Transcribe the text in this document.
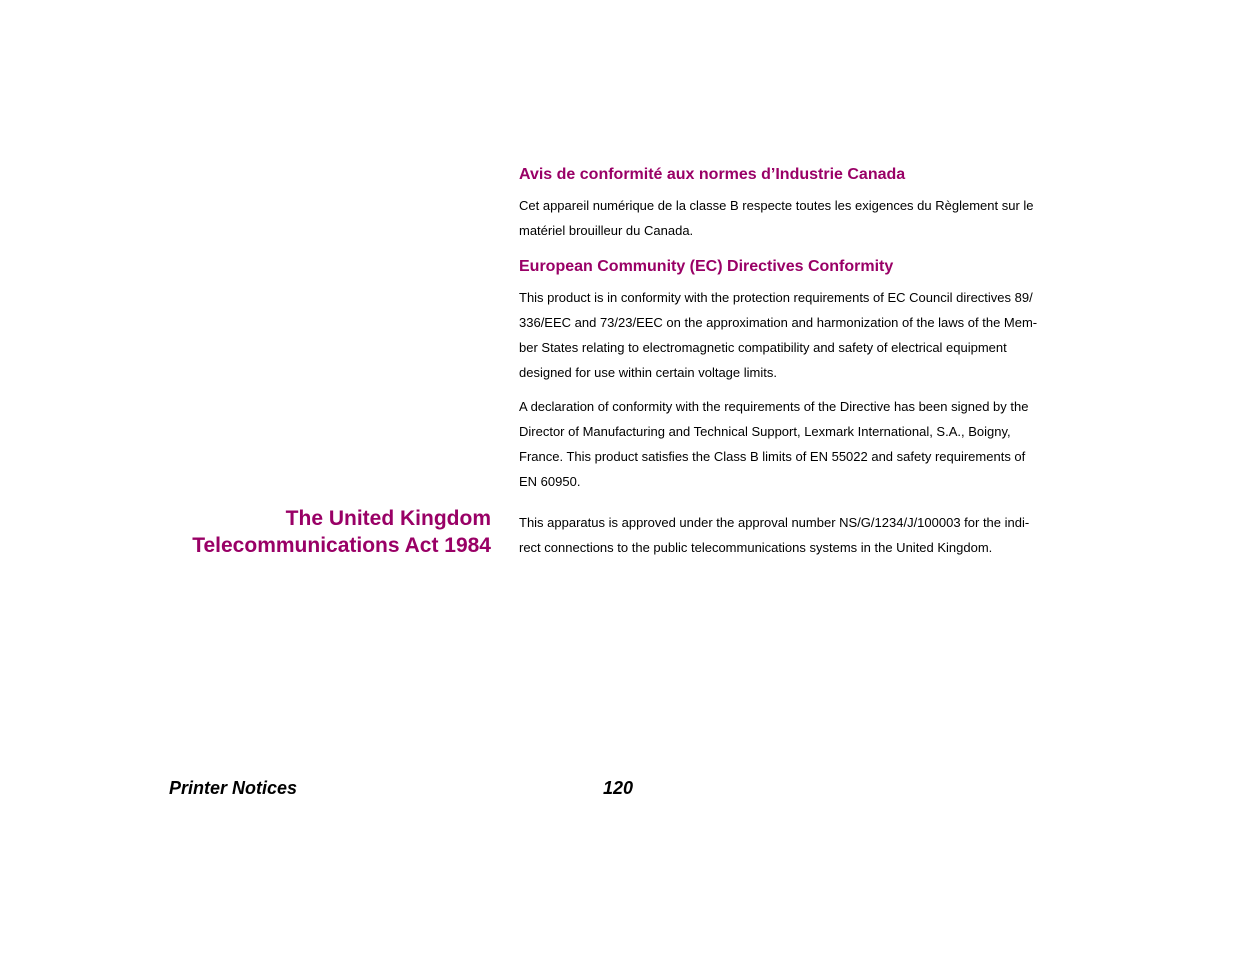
Avis de conformité aux normes d’Industrie Canada

Cet appareil numérique de la classe B respecte toutes les exigences du Règlement sur le
matériel brouilleur du Canada.

European Community (EC) Directives Conformity

This product is in conformity with the protection requirements of EC Council directives 89/
336/EEC and 73/23/EEC on the approximation and harmonization of the laws of the Mem-
ber States relating to electromagnetic compatibility and safety of electrical equipment
designed for use within certain voltage limits.

A declaration of conformity with the requirements of the Directive has been signed by the
Director of Manufacturing and Technical Support, Lexmark International, S.A., Boigny,
France. This product satisfies the Class B limits of EN 55022 and safety requirements of
EN 60950.

The United Kingdom
Telecommunications Act 1984

This apparatus is approved under the approval number NS/G/1234/J/100003 for the indi-
rect connections to the public telecommunications systems in the United Kingdom.

Printer Notices	120
